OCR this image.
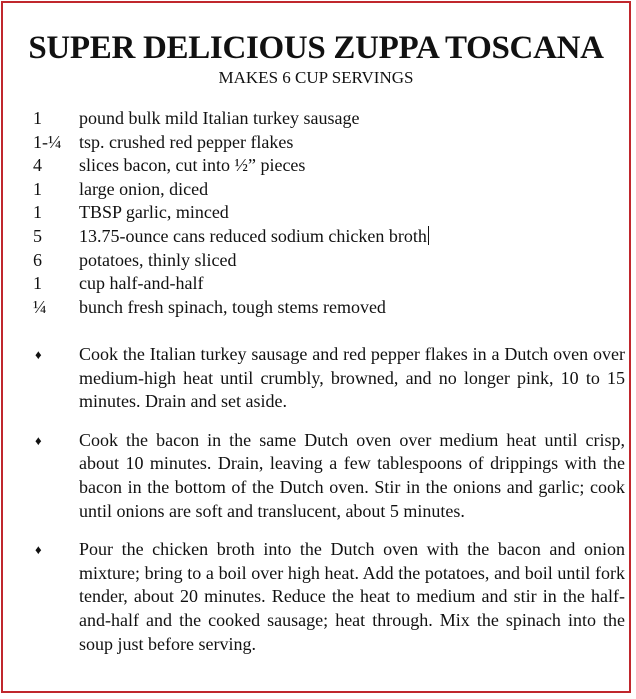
SUPER DELICIOUS ZUPPA TOSCANA

MAKES 6 CUP SERVINGS

1	pound bulk mild Italian turkey sausage
1-¼ tsp. crushed red pepper flakes
4	slices bacon, cut into ½” pieces
1	large onion, diced
1	TBSP garlic, minced
5	13.75-ounce cans reduced sodium chicken broth
6	potatoes, thinly sliced
1	cup half-and-half
¼	bunch fresh spinach, tough stems removed
♦	Cook the Italian turkey sausage and red pepper flakes in a Dutch oven over medium-high heat until crumbly, browned, and no longer pink, 10 to 15 minutes. Drain and set aside.
♦	Cook the bacon in the same Dutch oven over medium heat until crisp, about 10 minutes. Drain, leaving a few tablespoons of drippings with the bacon in the bottom of the Dutch oven. Stir in the onions and garlic; cook until onions are soft and translucent, about 5 minutes.
♦	Pour the chicken broth into the Dutch oven with the bacon and onion mixture; bring to a boil over high heat. Add the potatoes, and boil until fork tender, about 20 minutes. Reduce the heat to medium and stir in the half-and-half and the cooked sausage; heat through. Mix the spinach into the soup just before serving.
